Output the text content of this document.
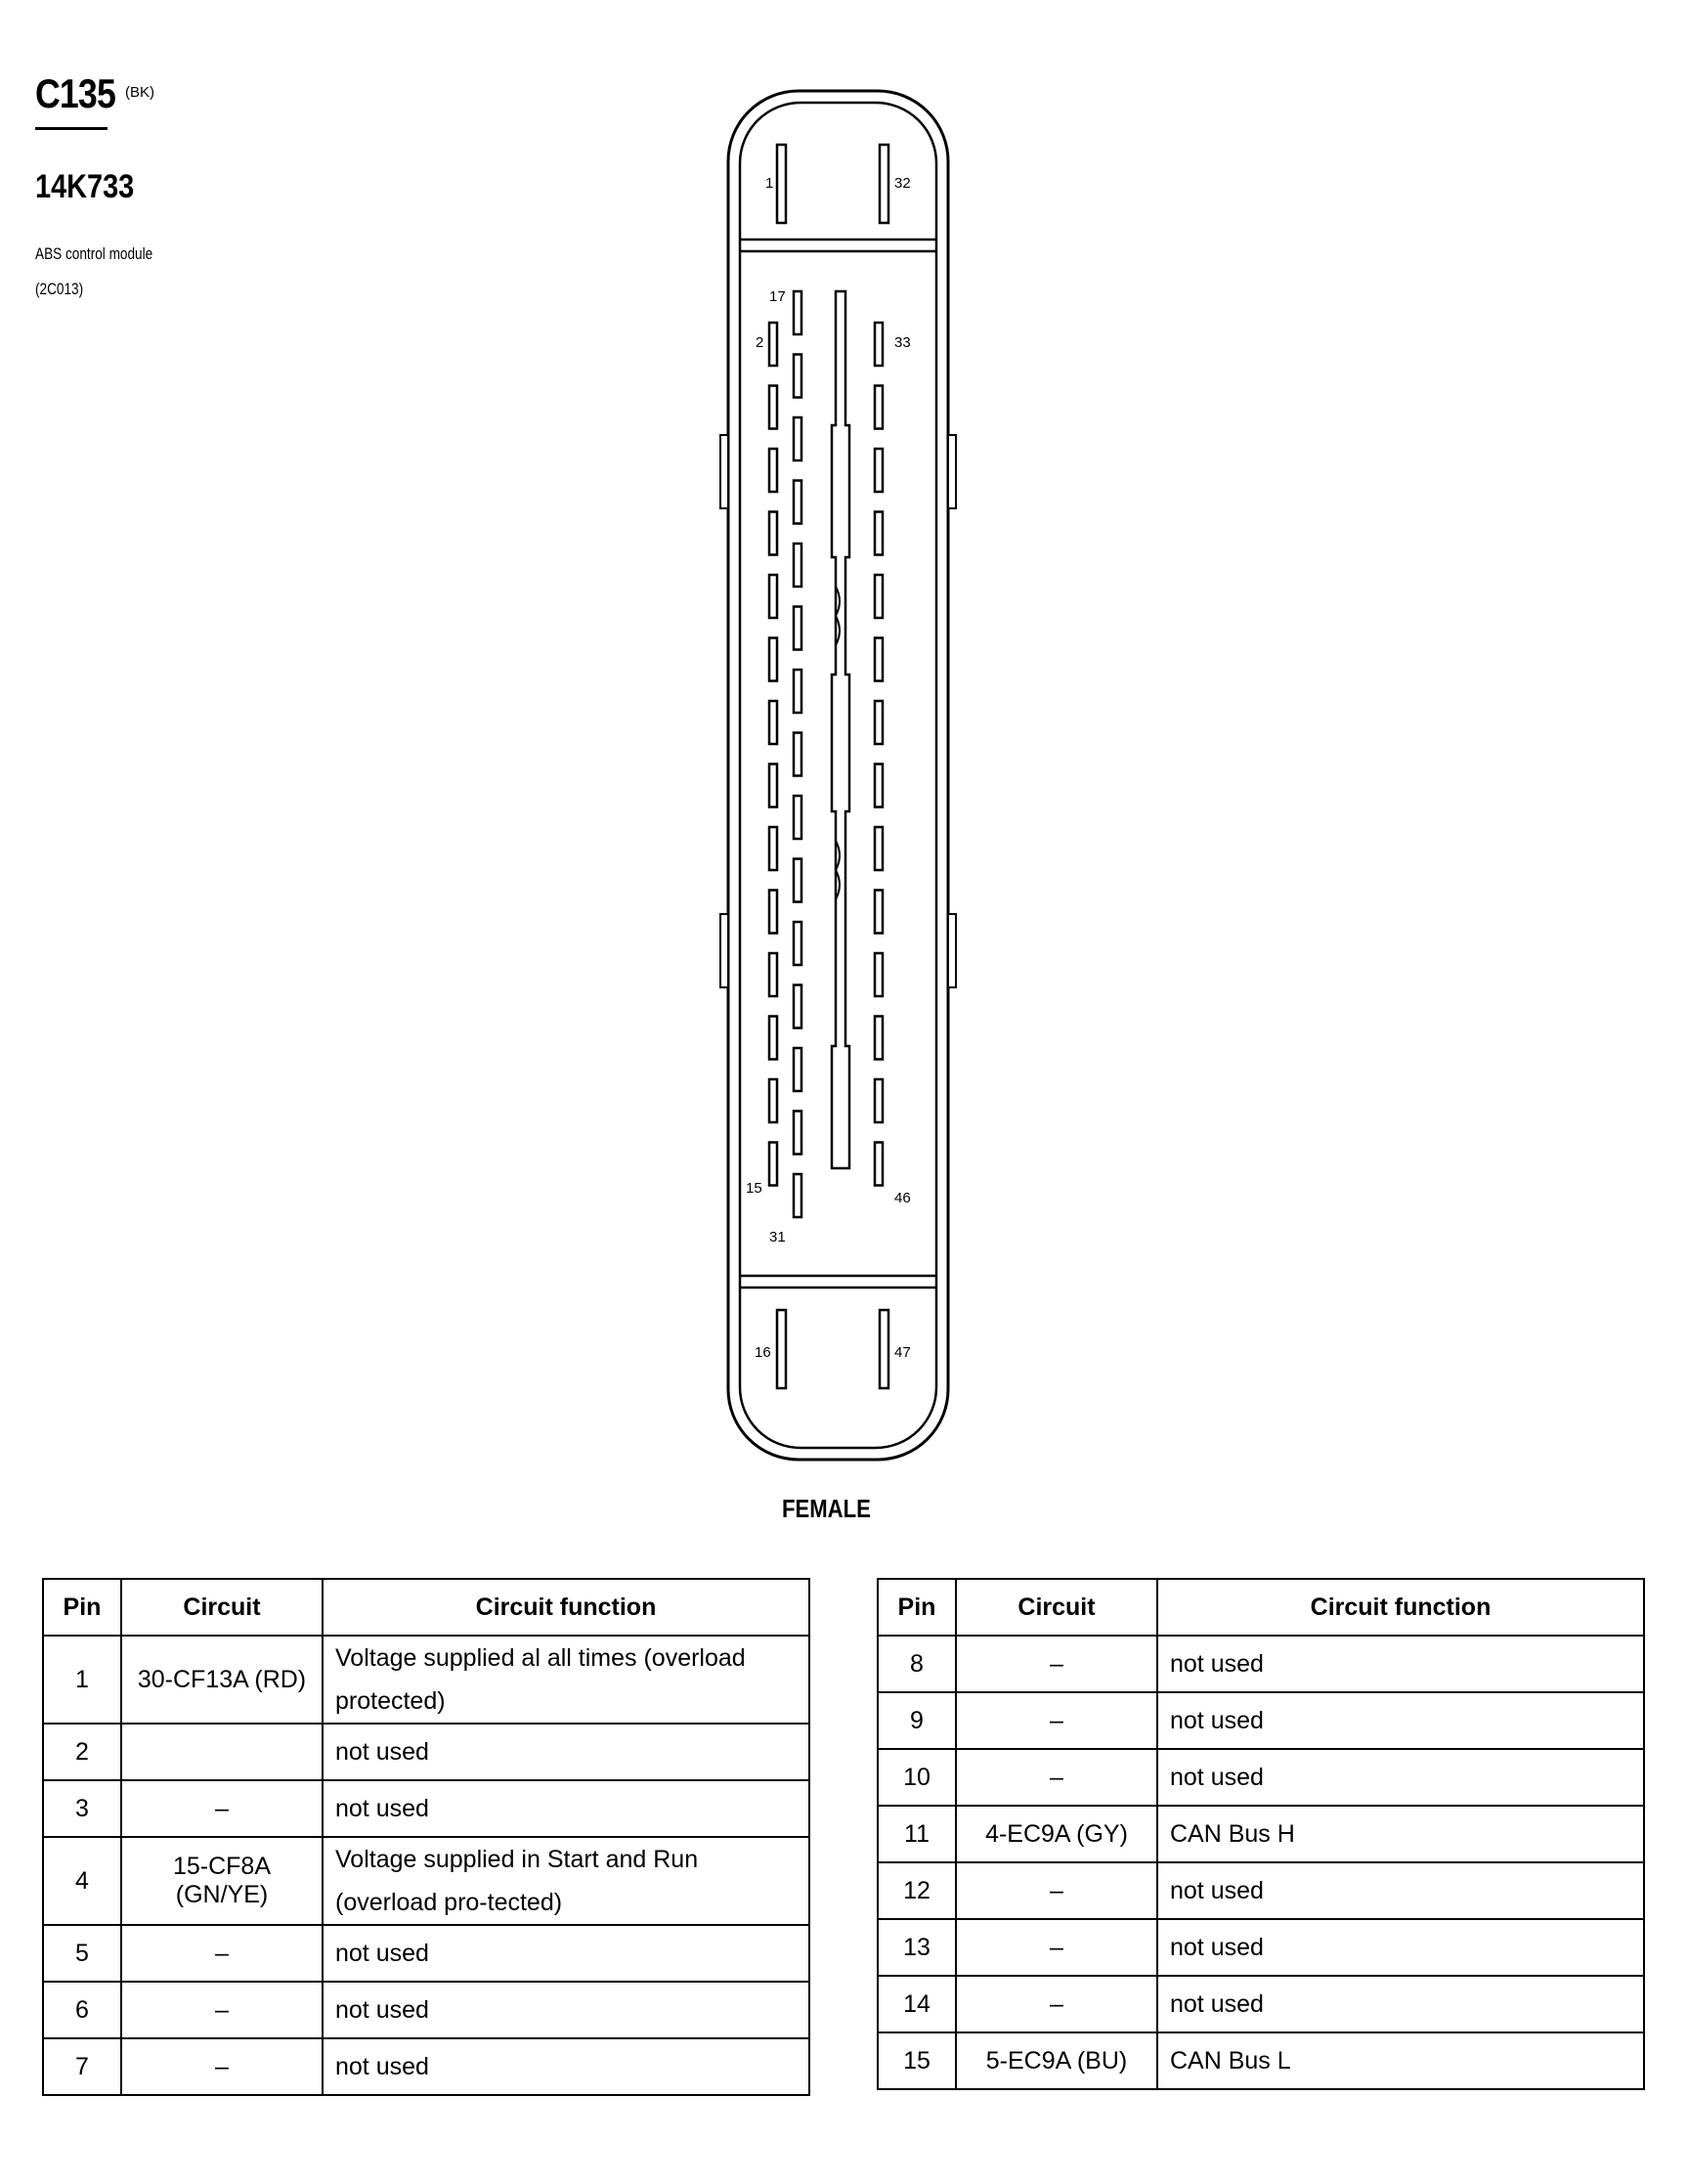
C135 (BK)
14K733
ABS control module
(2C013)
1	32
17
2	33
15
46
31
16	47
FEMALE
Pin	Circuit	Circuit function
1	30-CF13A (RD)	Voltage supplied al all times (overload protected)
2		not used
3	–	not used
4	15-CF8A (GN/YE)	Voltage supplied in Start and Run (overload pro-tected)
5	–	not used
6	–	not used
7	–	not used
Pin	Circuit	Circuit function
8	–	not used
9	–	not used
10	–	not used
11	4-EC9A (GY)	CAN Bus H
12	–	not used
13	–	not used
14	–	not used
15	5-EC9A (BU)	CAN Bus L
